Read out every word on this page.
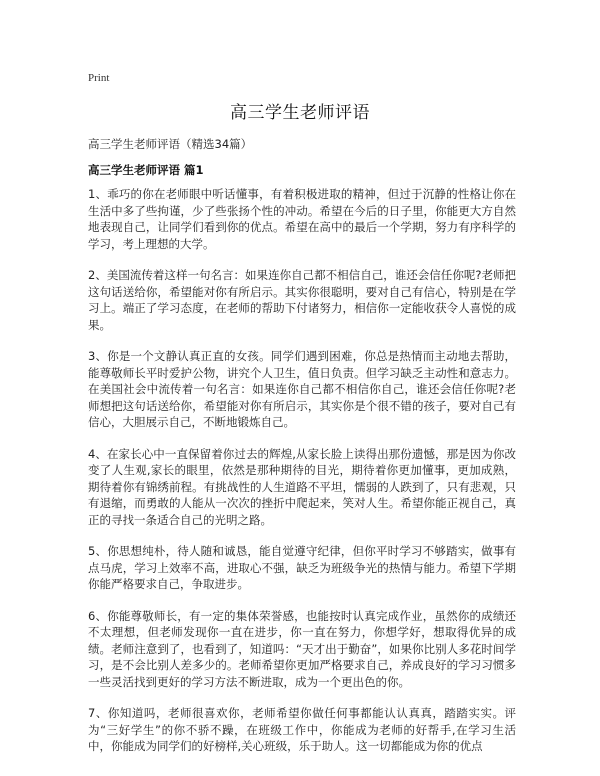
Print
高三学生老师评语
高三学生老师评语（精选34篇）
高三学生老师评语 篇1

1、乖巧的你在老师眼中听话懂事，有着积极进取的精神，但过于沉静的性格让你在生活中多了些拘谨，少了些张扬个性的冲动。希望在今后的日子里，你能更大方自然地表现自己，让同学们看到你的优点。希望在高中的最后一个学期，努力有序科学的学习，考上理想的大学。

2、美国流传着这样一句名言：如果连你自己都不相信自己，谁还会信任你呢?老师把这句话送给你，希望能对你有所启示。其实你很聪明，要对自己有信心，特别是在学习上。端正了学习态度，在老师的帮助下付诸努力，相信你一定能收获令人喜悦的成果。

3、你是一个文静认真正直的女孩。同学们遇到困难，你总是热情而主动地去帮助，能尊敬师长平时爱护公物，讲究个人卫生，值日负责。但学习缺乏主动性和意志力。在美国社会中流传着一句名言：如果连你自己都不相信你自己，谁还会信任你呢?老师想把这句话送给你，希望能对你有所启示，其实你是个很不错的孩子，要对自己有信心，大胆展示自己，不断地锻炼自己。

4、在家长心中一直保留着你过去的辉煌,从家长脸上读得出那份遗憾，那是因为你改变了人生观,家长的眼里，依然是那种期待的目光，期待着你更加懂事，更加成熟，期待着你有锦绣前程。有挑战性的人生道路不平坦，懦弱的人跌到了，只有悲观，只有退缩，而勇敢的人能从一次次的挫折中爬起来，笑对人生。希望你能正视自己，真正的寻找一条适合自己的光明之路。

5、你思想纯朴，待人随和诚恳，能自觉遵守纪律，但你平时学习不够踏实，做事有点马虎，学习上效率不高，进取心不强，缺乏为班级争光的热情与能力。希望下学期你能严格要求自己，争取进步。

6、你能尊敬师长，有一定的集体荣誉感，也能按时认真完成作业，虽然你的成绩还不太理想，但老师发现你一直在进步，你一直在努力，你想学好，想取得优异的成绩。老师注意到了，也看到了，知道吗：“天才出于勤奋”，如果你比别人多花时间学习，是不会比别人差多少的。老师希望你更加严格要求自己，养成良好的学习习惯多一些灵活找到更好的学习方法不断进取，成为一个更出色的你。

7、你知道吗，老师很喜欢你，老师希望你做任何事都能认认真真，踏踏实实。评为“三好学生”的你不骄不躁，在班级工作中，你能成为老师的好帮手,在学习生活中，你能成为同学们的好榜样,关心班级，乐于助人。这一切都能成为你的优点
